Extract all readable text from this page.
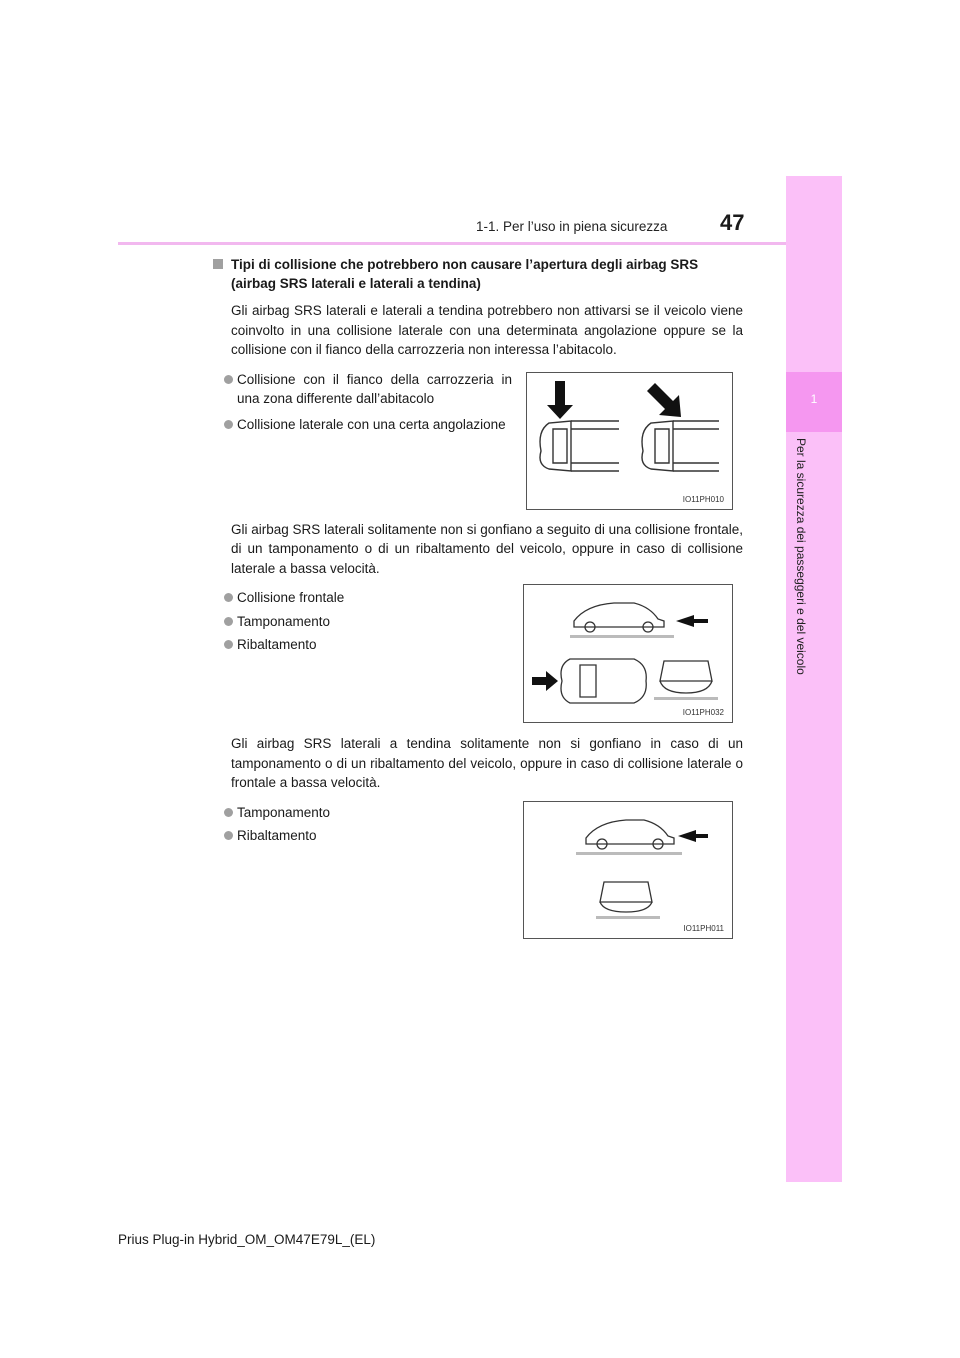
1
Per la sicurezza dei passeggeri e del veicolo
1-1. Per l’uso in piena sicurezza 47
Tipi di collisione che potrebbero non causare l’apertura degli airbag SRS
(airbag SRS laterali e laterali a tendina)

Gli airbag SRS laterali e laterali a tendina potrebbero non attivarsi se il veicolo viene coinvolto in una collisione laterale con una determinata angolazione oppure se la collisione con il fianco della carrozzeria non interessa l’abitacolo.

Collisione con il fianco della carrozzeria in una zona differente dall’abitacolo
Collisione laterale con una certa angolazione
IO11PH010

Gli airbag SRS laterali solitamente non si gonfiano a seguito di una collisione frontale, di un tamponamento o di un ribaltamento del veicolo, oppure in caso di collisione laterale a bassa velocità.

Collisione frontale
Tamponamento
Ribaltamento
IO11PH032

Gli airbag SRS laterali a tendina solitamente non si gonfiano in caso di un tamponamento o di un ribaltamento del veicolo, oppure in caso di collisione laterale o frontale a bassa velocità.

Tamponamento
Ribaltamento
IO11PH011
Prius Plug-in Hybrid_OM_OM47E79L_(EL)
